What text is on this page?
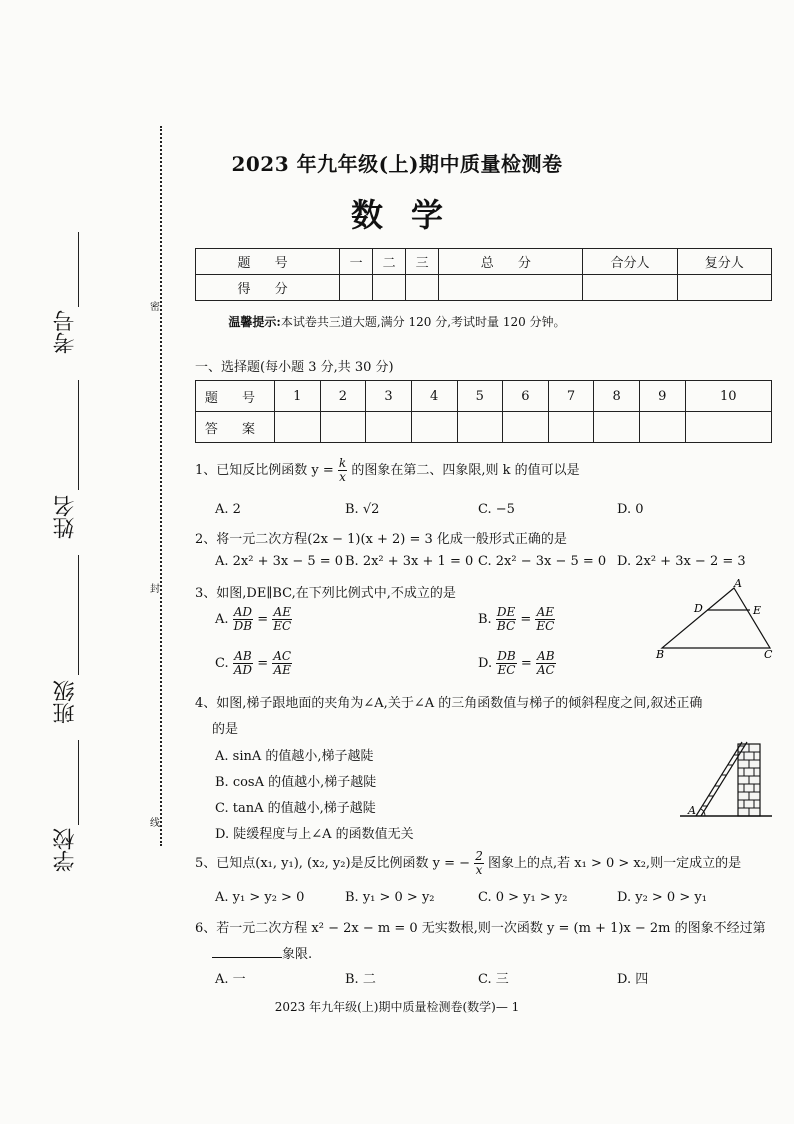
考号
姓名
班级
学校
密
封
线
2023 年九年级(上)期中质量检测卷
数学
题 号	一	二	三	总 分	合分人	复分人
得 分						
温馨提示:本试卷共三道大题,满分 120 分,考试时量 120 分钟。
一、选择题(每小题 3 分,共 30 分)
题 号	1	2	3	4	5	6	7	8	9	10
答 案										
1、已知反比例函数 $y = \frac{k}{x}$ 的图象在第二、四象限,则 k 的值可以是
A. 2	B. √2	C. −5	D. 0
2、将一元二次方程(2x − 1)(x + 2) = 3 化成一般形式正确的是
A. 2x² + 3x − 5 = 0 B. 2x² + 3x + 1 = 0 C. 2x² − 3x − 5 = 0 D. 2x² + 3x − 2 = 3
3、如图,DE∥BC,在下列比例式中,不成立的是
A. $\frac{AD}{DB} = \frac{AE}{EC}$	B. $\frac{DE}{BC} = \frac{AE}{EC}$
C. $\frac{AB}{AD} = \frac{AC}{AE}$	D. $\frac{DB}{EC} = \frac{AB}{AC}$
A
D	E
B	C
4、如图,梯子跟地面的夹角为∠A,关于∠A 的三角函数值与梯子的倾斜程度之间,叙述正确
的是
A. sinA 的值越小,梯子越陡
B. cosA 的值越小,梯子越陡
C. tanA 的值越小,梯子越陡
D. 陡缓程度与上∠A 的函数值无关
A
5、已知点(x₁, y₁), (x₂, y₂)是反比例函数 y = − $\frac{2}{x}$ 图象上的点,若 x₁ > 0 > x₂,则一定成立的是
A. y₁ > y₂ > 0	B. y₁ > 0 > y₂	C. 0 > y₁ > y₂	D. y₂ > 0 > y₁
6、若一元二次方程 x² − 2x − m = 0 无实数根,则一次函数 y = (m + 1)x − 2m 的图象不经过第
象限.
A. 一	B. 二	C. 三	D. 四
2023 年九年级(上)期中质量检测卷(数学)— 1
